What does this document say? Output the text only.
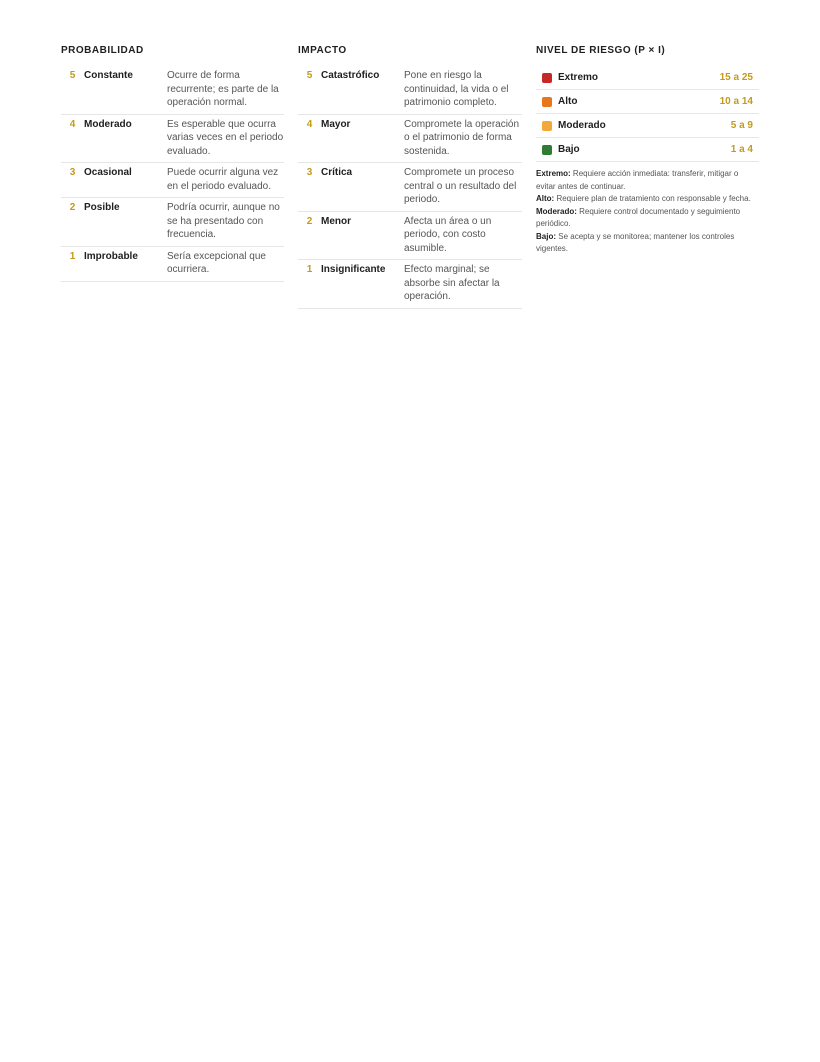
PROBABILIDAD
5 Constante	Ocurre de forma recurrente; es parte de la operación normal.
4 Moderado	Es esperable que ocurra varias veces en el periodo evaluado.
3 Ocasional	Puede ocurrir alguna vez en el periodo evaluado.
2 Posible	Podría ocurrir, aunque no se ha presentado con frecuencia.
1 Improbable	Sería excepcional que ocurriera.
IMPACTO
5 Catastrófico	Pone en riesgo la continuidad, la vida o el patrimonio completo.
4 Mayor	Compromete la operación o el patrimonio de forma sostenida.
3 Crítica	Compromete un proceso central o un resultado del periodo.
2 Menor	Afecta un área o un periodo, con costo asumible.
1 Insignificante	Efecto marginal; se absorbe sin afectar la operación.
NIVEL DE RIESGO (P × I)
Extremo	15 a 25
Alto	10 a 14
Moderado	5 a 9
Bajo	1 a 4
Extremo: Requiere acción inmediata: transferir, mitigar o evitar antes de continuar.
Alto: Requiere plan de tratamiento con responsable y fecha.
Moderado: Requiere control documentado y seguimiento periódico.
Bajo: Se acepta y se monitorea; mantener los controles vigentes.
